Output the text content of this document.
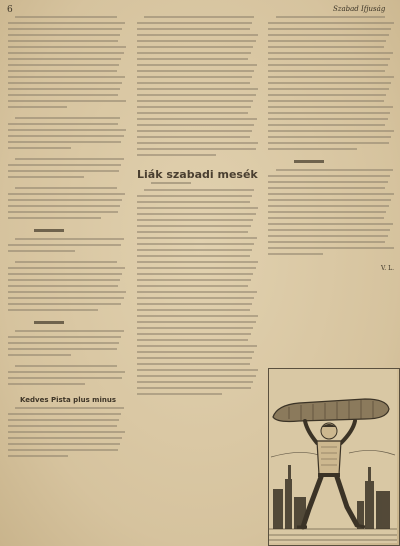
6	Szabad Ifjuság
Kedves Pista plus minus
Liák szabadi mesék
V. L.
